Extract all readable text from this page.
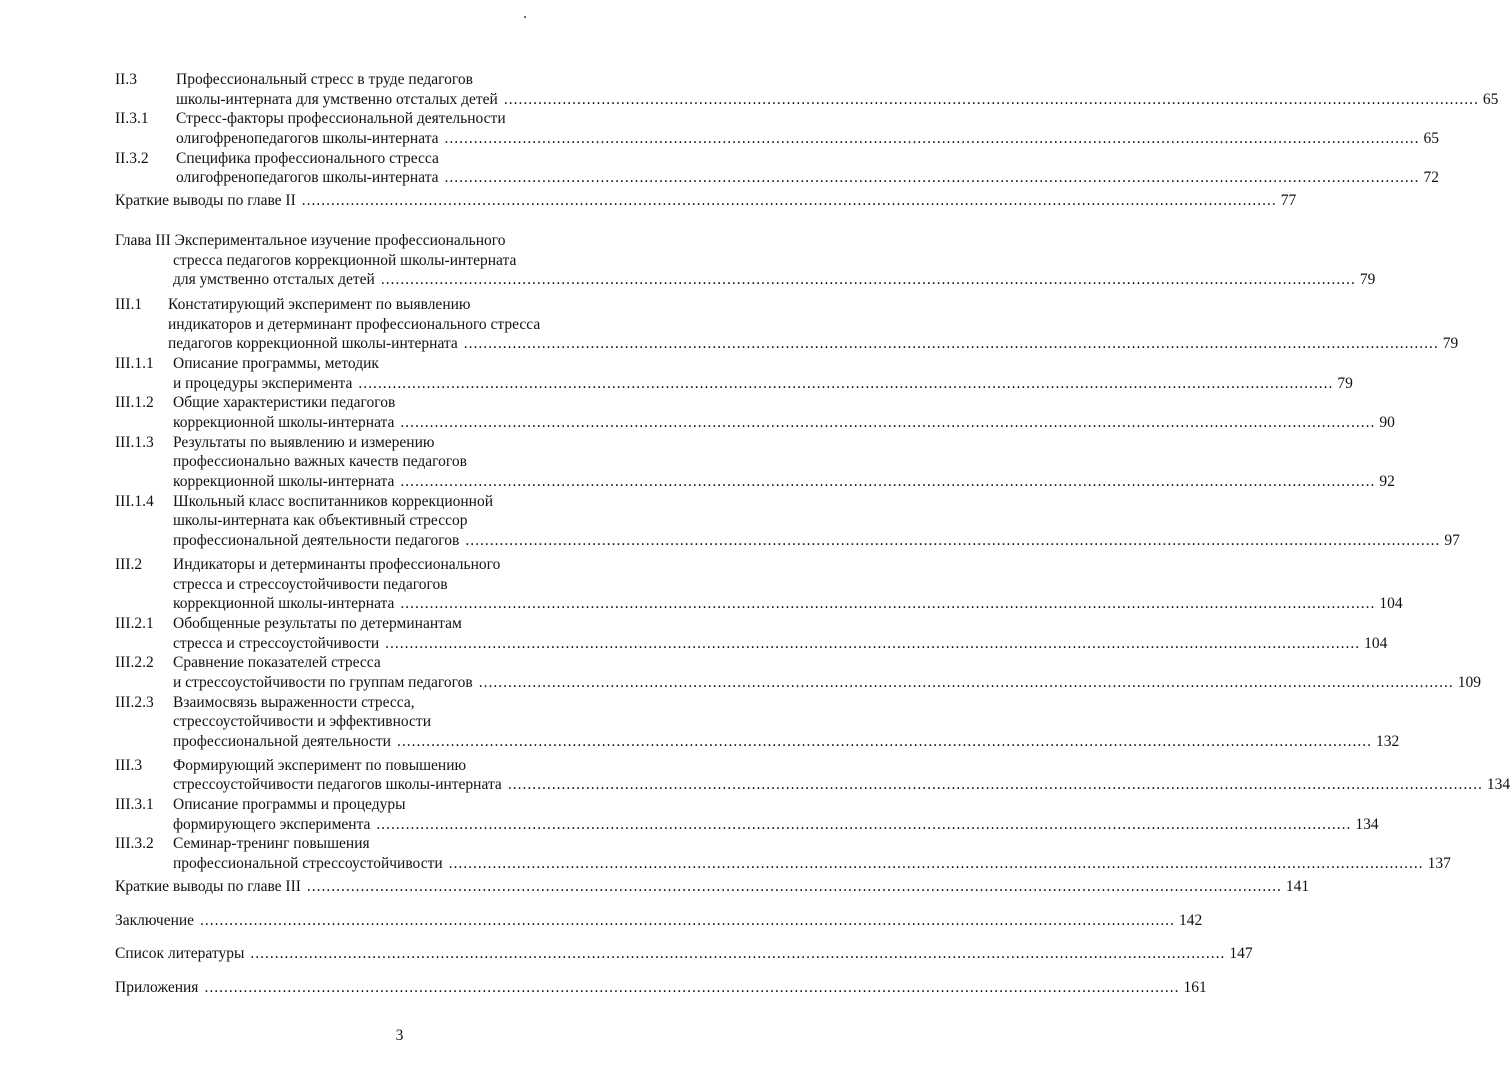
II.3	Профессиональный стресс в труде педагогов
школы-интерната для умственно отсталых детей ........................................................................................................................................................................................................ 65
II.3.1 Стресс-факторы профессиональной деятельности
олигофренопедагогов школы-интерната ........................................................................................................................................................................................................ 65
II.3.2 Специфика профессионального стресса
олигофренопедагогов школы-интерната ........................................................................................................................................................................................................ 72
Краткие выводы по главе II ........................................................................................................................................................................................................ 77
Глава III Экспериментальное изучение профессионального
стресса педагогов коррекционной школы-интерната
для умственно отсталых детей ........................................................................................................................................................................................................ 79
III.1 Констатирующий эксперимент по выявлению
индикаторов и детерминант профессионального стресса
педагогов коррекционной школы-интерната ........................................................................................................................................................................................................ 79
III.1.1 Описание программы, методик
и процедуры эксперимента ........................................................................................................................................................................................................ 79
III.1.2 Общие характеристики педагогов
коррекционной школы-интерната ........................................................................................................................................................................................................ 90
III.1.3 Результаты по выявлению и измерению
профессионально важных качеств педагогов
коррекционной школы-интерната ........................................................................................................................................................................................................ 92
III.1.4 Школьный класс воспитанников коррекционной
школы-интерната как объективный стрессор
профессиональной деятельности педагогов ........................................................................................................................................................................................................ 97
III.2 Индикаторы и детерминанты профессионального
стресса и стрессоустойчивости педагогов
коррекционной школы-интерната ........................................................................................................................................................................................................ 104
III.2.1 Обобщенные результаты по детерминантам
стресса и стрессоустойчивости ........................................................................................................................................................................................................ 104
III.2.2 Сравнение показателей стресса
и стрессоустойчивости по группам педагогов ........................................................................................................................................................................................................ 109
III.2.3 Взаимосвязь выраженности стресса,
стрессоустойчивости и эффективности
профессиональной деятельности ........................................................................................................................................................................................................ 132
III.3 Формирующий эксперимент по повышению
стрессоустойчивости педагогов школы-интерната ........................................................................................................................................................................................................ 134
III.3.1 Описание программы и процедуры
формирующего эксперимента ........................................................................................................................................................................................................ 134
III.3.2 Семинар-тренинг повышения
профессиональной стрессоустойчивости ........................................................................................................................................................................................................ 137
Краткие выводы по главе III ........................................................................................................................................................................................................ 141
Заключение ........................................................................................................................................................................................................ 142
Список литературы ........................................................................................................................................................................................................ 147
Приложения ........................................................................................................................................................................................................ 161
3
